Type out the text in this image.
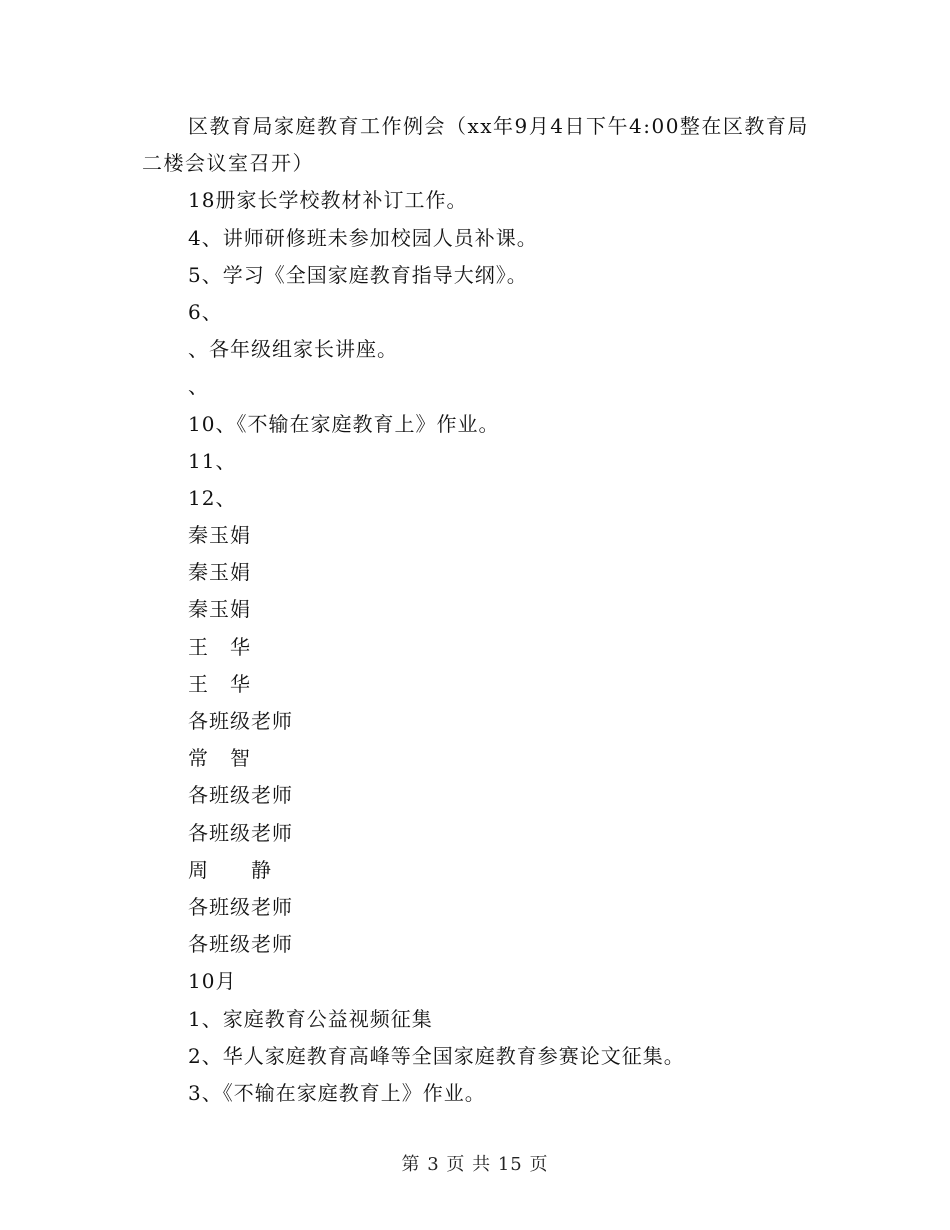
区教育局家庭教育工作例会（xx年9月4日下午4:00整在区教育局二楼会议室召开）
18册家长学校教材补订工作。
4、讲师研修班未参加校园人员补课。
5、学习《全国家庭教育指导大纲》。
6、
、各年级组家长讲座。
、
10、《不输在家庭教育上》作业。
11、
12、
秦玉娟
秦玉娟
秦玉娟
王　华
王　华
各班级老师
常　智
各班级老师
各班级老师
周　　静
各班级老师
各班级老师
10月
1、家庭教育公益视频征集
2、华人家庭教育高峰等全国家庭教育参赛论文征集。
3、《不输在家庭教育上》作业。
第 3 页 共 15 页
